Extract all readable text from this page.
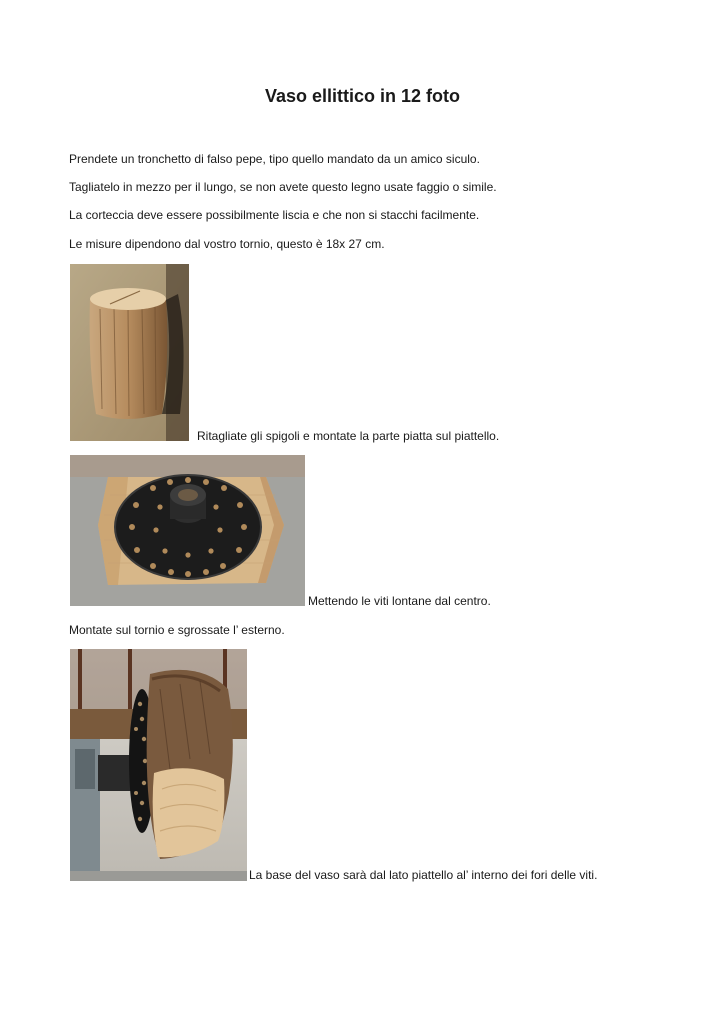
Vaso ellittico in 12 foto
Prendete un tronchetto di falso pepe, tipo quello mandato da un amico siculo.
Tagliatelo in mezzo per il lungo, se non avete questo legno usate faggio o simile.
La corteccia deve essere possibilmente liscia e che non si stacchi facilmente.
Le misure dipendono dal vostro tornio, questo è 18x 27 cm.
Ritagliate gli spigoli e montate la parte piatta sul piattello.
Mettendo le viti lontane dal centro.
Montate sul tornio e sgrossate l’ esterno.
La base del vaso sarà dal lato piattello al’ interno dei fori delle viti.
